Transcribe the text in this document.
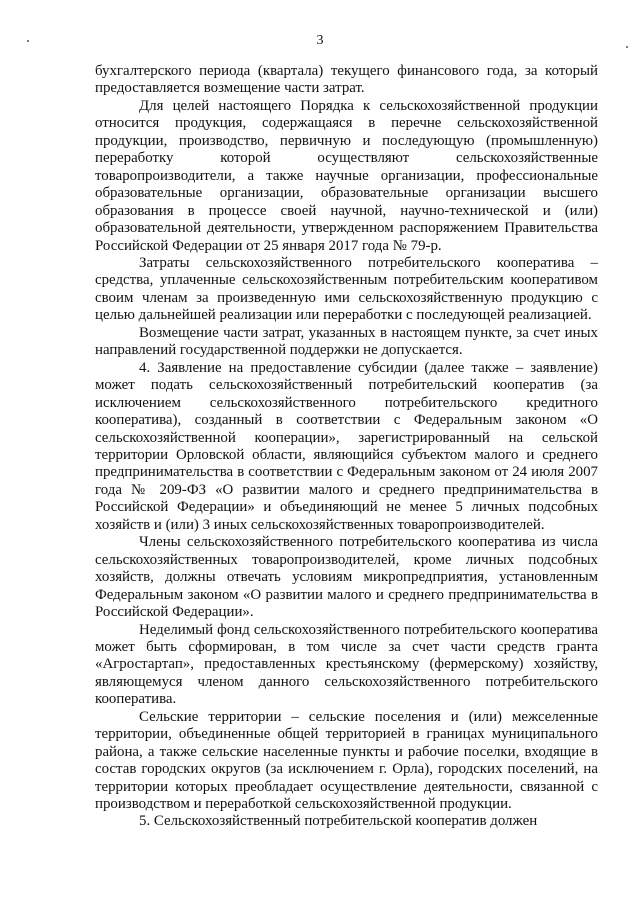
3

бухгалтерского периода (квартала) текущего финансового года, за который предоставляется возмещение части затрат.

Для целей настоящего Порядка к сельскохозяйственной продукции относится продукция, содержащаяся в перечне сельскохозяйственной продукции, производство, первичную и последующую (промышленную) переработку которой осуществляют сельскохозяйственные товаропроизводители, а также научные организации, профессиональные образовательные организации, образовательные организации высшего образования в процессе своей научной, научно-технической и (или) образовательной деятельности, утвержденном распоряжением Правительства Российской Федерации от 25 января 2017 года № 79-р.

Затраты сельскохозяйственного потребительского кооператива – средства, уплаченные сельскохозяйственным потребительским кооперативом своим членам за произведенную ими сельскохозяйственную продукцию с целью дальнейшей реализации или переработки с последующей реализацией.

Возмещение части затрат, указанных в настоящем пункте, за счет иных направлений государственной поддержки не допускается.

4. Заявление на предоставление субсидии (далее также – заявление) может подать сельскохозяйственный потребительский кооператив (за исключением сельскохозяйственного потребительского кредитного кооператива), созданный в соответствии с Федеральным законом «О сельскохозяйственной кооперации», зарегистрированный на сельской территории Орловской области, являющийся субъектом малого и среднего предпринимательства в соответствии с Федеральным законом от 24 июля 2007 года № 209-ФЗ «О развитии малого и среднего предпринимательства в Российской Федерации» и объединяющий не менее 5 личных подсобных хозяйств и (или) 3 иных сельскохозяйственных товаропроизводителей.

Члены сельскохозяйственного потребительского кооператива из числа сельскохозяйственных товаропроизводителей, кроме личных подсобных хозяйств, должны отвечать условиям микропредприятия, установленным Федеральным законом «О развитии малого и среднего предпринимательства в Российской Федерации».

Неделимый фонд сельскохозяйственного потребительского кооператива может быть сформирован, в том числе за счет части средств гранта «Агростартап», предоставленных крестьянскому (фермерскому) хозяйству, являющемуся членом данного сельскохозяйственного потребительского кооператива.

Сельские территории – сельские поселения и (или) межселенные территории, объединенные общей территорией в границах муниципального района, а также сельские населенные пункты и рабочие поселки, входящие в состав городских округов (за исключением г. Орла), городских поселений, на территории которых преобладает осуществление деятельности, связанной с производством и переработкой сельскохозяйственной продукции.

5. Сельскохозяйственный потребительской кооператив должен
